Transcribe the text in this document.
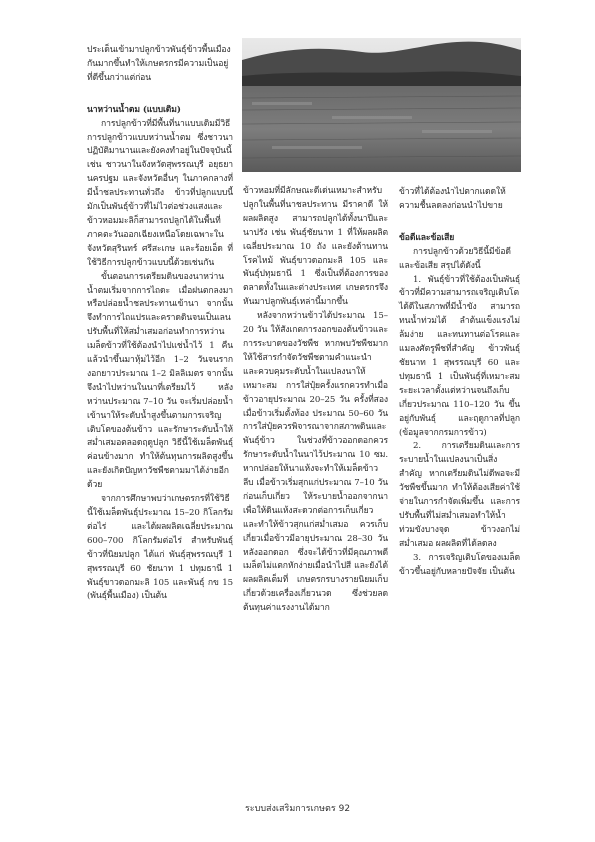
ประเด็นเข้ามาปลูกข้าวพันธุ์ข้าวพื้นเมืองกันมากขึ้นทำให้เกษตรกรมีความเป็นอยู่ที่ดีขึ้นกว่าแต่ก่อน

นาหว่านน้ำตม (แบบเดิม)

การปลูกข้าวที่มีพื้นที่นาแบบเดิมมีวิธีการปลูกข้าวแบบหว่านน้ำตม ซึ่งชาวนาปฏิบัติมานานและยังคงทำอยู่ในปัจจุบันนี้ เช่น ชาวนาในจังหวัดสุพรรณบุรี อยุธยา นครปฐม และจังหวัดอื่นๆ ในภาคกลางที่มีน้ำชลประทานทั่วถึง ข้าวที่ปลูกแบบนี้มักเป็นพันธุ์ข้าวที่ไม่ไวต่อช่วงแสงและข้าวหอมมะลิก็สามารถปลูกได้ในพื้นที่ภาคตะวันออกเฉียงเหนือโดยเฉพาะในจังหวัดสุรินทร์ ศรีสะเกษ และร้อยเอ็ด ที่ใช้วิธีการปลูกข้าวแบบนี้ด้วยเช่นกัน

ขั้นตอนการเตรียมดินของนาหว่านน้ำตมเริ่มจากการไถดะ เมื่อฝนตกลงมาหรือปล่อยน้ำชลประทานเข้านา จากนั้นจึงทำการไถแปรและคราดดินจนเป็นเลน ปรับพื้นที่ให้สม่ำเสมอก่อนทำการหว่าน เมล็ดข้าวที่ใช้ต้องนำไปแช่น้ำไว้ 1 คืนแล้วนำขึ้นมาหุ้มไว้อีก 1–2 วันจนรากงอกยาวประมาณ 1–2 มิลลิเมตร จากนั้นจึงนำไปหว่านในนาที่เตรียมไว้ หลังหว่านประมาณ 7–10 วัน จะเริ่มปล่อยน้ำเข้านาให้ระดับน้ำสูงขึ้นตามการเจริญเติบโตของต้นข้าว และรักษาระดับน้ำให้สม่ำเสมอตลอดฤดูปลูก วิธีนี้ใช้เมล็ดพันธุ์ค่อนข้างมาก ทำให้ต้นทุนการผลิตสูงขึ้นและยังเกิดปัญหาวัชพืชตามมาได้ง่ายอีกด้วย

จากการศึกษาพบว่าเกษตรกรที่ใช้วิธีนี้ใช้เมล็ดพันธุ์ประมาณ 15–20 กิโลกรัมต่อไร่ และได้ผลผลิตเฉลี่ยประมาณ 600–700 กิโลกรัมต่อไร่ สำหรับพันธุ์ข้าวที่นิยมปลูก ได้แก่ พันธุ์สุพรรณบุรี 1 สุพรรณบุรี 60 ชัยนาท 1 ปทุมธานี 1 พันธุ์ขาวดอกมะลิ 105 และพันธุ์ กข 15 (พันธุ์พื้นเมือง) เป็นต้น

ข้าวหอมที่มีลักษณะดีเด่นเหมาะสำหรับปลูกในพื้นที่นาชลประทาน มีราคาดี ให้ผลผลิตสูง สามารถปลูกได้ทั้งนาปีและนาปรัง เช่น พันธุ์ชัยนาท 1 ที่ให้ผลผลิตเฉลี่ยประมาณ 10 ถัง และยังต้านทานโรคไหม้ พันธุ์ขาวดอกมะลิ 105 และพันธุ์ปทุมธานี 1 ซึ่งเป็นที่ต้องการของตลาดทั้งในและต่างประเทศ เกษตรกรจึงหันมาปลูกพันธุ์เหล่านี้มากขึ้น

หลังจากหว่านข้าวได้ประมาณ 15–20 วัน ให้สังเกตการงอกของต้นข้าวและการระบาดของวัชพืช หากพบวัชพืชมากให้ใช้สารกำจัดวัชพืชตามคำแนะนำ และควบคุมระดับน้ำในแปลงนาให้เหมาะสม การใส่ปุ๋ยครั้งแรกควรทำเมื่อข้าวอายุประมาณ 20–25 วัน ครั้งที่สองเมื่อข้าวเริ่มตั้งท้อง ประมาณ 50–60 วัน การใส่ปุ๋ยควรพิจารณาจากสภาพดินและพันธุ์ข้าว ในช่วงที่ข้าวออกดอกควรรักษาระดับน้ำในนาไว้ประมาณ 10 ซม. หากปล่อยให้นาแห้งจะทำให้เมล็ดข้าวลีบ เมื่อข้าวเริ่มสุกแก่ประมาณ 7–10 วันก่อนเก็บเกี่ยว ให้ระบายน้ำออกจากนา เพื่อให้ดินแห้งสะดวกต่อการเก็บเกี่ยว และทำให้ข้าวสุกแก่สม่ำเสมอ ควรเก็บเกี่ยวเมื่อข้าวมีอายุประมาณ 28–30 วันหลังออกดอก ซึ่งจะได้ข้าวที่มีคุณภาพดี เมล็ดไม่แตกหักง่ายเมื่อนำไปสี และยังได้ผลผลิตเต็มที่ เกษตรกรบางรายนิยมเก็บเกี่ยวด้วยเครื่องเกี่ยวนวด ซึ่งช่วยลดต้นทุนค่าแรงงานได้มาก

ข้าวที่ได้ต้องนำไปตากแดดให้ความชื้นลดลงก่อนนำไปขาย

ข้อดีและข้อเสีย

การปลูกข้าวด้วยวิธีนี้มีข้อดีและข้อเสีย สรุปได้ดังนี้

1. พันธุ์ข้าวที่ใช้ต้องเป็นพันธุ์ข้าวที่มีความสามารถเจริญเติบโตได้ดีในสภาพที่มีน้ำขัง สามารถทนน้ำท่วมได้ ลำต้นแข็งแรงไม่ล้มง่าย และทนทานต่อโรคและแมลงศัตรูพืชที่สำคัญ ข้าวพันธุ์ชัยนาท 1 สุพรรณบุรี 60 และปทุมธานี 1 เป็นพันธุ์ที่เหมาะสม ระยะเวลาตั้งแต่หว่านจนถึงเก็บเกี่ยวประมาณ 110–120 วัน ขึ้นอยู่กับพันธุ์ และฤดูกาลที่ปลูก (ข้อมูลจากกรมการข้าว)

2. การเตรียมดินและการระบายน้ำในแปลงนาเป็นสิ่งสำคัญ หากเตรียมดินไม่ดีพอจะมีวัชพืชขึ้นมาก ทำให้ต้องเสียค่าใช้จ่ายในการกำจัดเพิ่มขึ้น และการปรับพื้นที่ไม่สม่ำเสมอทำให้น้ำท่วมขังบางจุด ข้าวงอกไม่สม่ำเสมอ ผลผลิตที่ได้ลดลง

3. การเจริญเติบโตของเมล็ดข้าวขึ้นอยู่กับหลายปัจจัย เป็นต้น

ระบบส่งเสริมการเกษตร 92
